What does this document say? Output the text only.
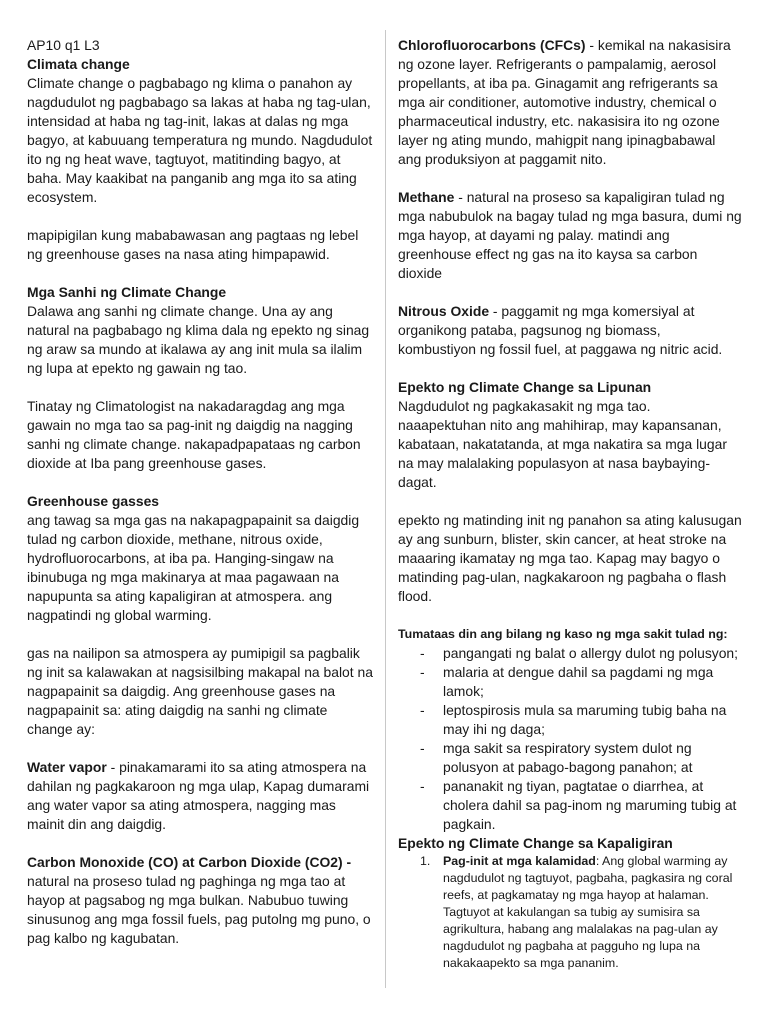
AP10 q1 L3

Climata change

Climate change o pagbabago ng klima o panahon ay nagdudulot ng pagbabago sa lakas at haba ng tag-ulan, intensidad at haba ng tag-init, lakas at dalas ng mga bagyo, at kabuuang temperatura ng mundo. Nagdudulot ito ng ng heat wave, tagtuyot, matitinding bagyo, at baha. May kaakibat na panganib ang mga ito sa ating ecosystem.

mapipigilan kung mababawasan ang pagtaas ng lebel ng greenhouse gases na nasa ating himpapawid.

Mga Sanhi ng Climate Change

Dalawa ang sanhi ng climate change. Una ay ang natural na pagbabago ng klima dala ng epekto ng sinag ng araw sa mundo at ikalawa ay ang init mula sa ilalim ng lupa at epekto ng gawain ng tao.

Tinatay ng Climatologist na nakadaragdag ang mga gawain no mga tao sa pag-init ng daigdig na nagging sanhi ng climate change. nakapadpapataas ng carbon dioxide at Iba pang greenhouse gases.

Greenhouse gasses

ang tawag sa mga gas na nakapagpapainit sa daigdig tulad ng carbon dioxide, methane, nitrous oxide, hydrofluorocarbons, at iba pa. Hanging-singaw na ibinubuga ng mga makinarya at maa pagawaan na napupunta sa ating kapaligiran at atmospera. ang nagpatindi ng global warming.

gas na nailipon sa atmospera ay pumipigil sa pagbalik ng init sa kalawakan at nagsisilbing makapal na balot na nagpapainit sa daigdig. Ang greenhouse gases na nagpapainit sa: ating daigdig na sanhi ng climate change ay:

Water vapor - pinakamarami ito sa ating atmospera na dahilan ng pagkakaroon ng mga ulap, Kapag dumarami ang water vapor sa ating atmospera, nagging mas mainit din ang daigdig.

Carbon Monoxide (CO) at Carbon Dioxide (CO2) - natural na proseso tulad ng paghinga ng mga tao at hayop at pagsabog ng mga bulkan. Nabubuo tuwing sinusunog ang mga fossil fuels, pag putolng mg puno, o pag kalbo ng kagubatan.

Chlorofluorocarbons (CFCs) - kemikal na nakasisira ng ozone layer. Refrigerants o pampalamig, aerosol propellants, at iba pa. Ginagamit ang refrigerants sa mga air conditioner, automotive industry, chemical o pharmaceutical industry, etc. nakasisira ito ng ozone layer ng ating mundo, mahigpit nang ipinagbabawal ang produksiyon at paggamit nito.

Methane - natural na proseso sa kapaligiran tulad ng mga nabubulok na bagay tulad ng mga basura, dumi ng mga hayop, at dayami ng palay. matindi ang greenhouse effect ng gas na ito kaysa sa carbon dioxide

Nitrous Oxide - paggamit ng mga komersiyal at organikong pataba, pagsunog ng biomass, kombustiyon ng fossil fuel, at paggawa ng nitric acid.

Epekto ng Climate Change sa Lipunan

Nagdudulot ng pagkakasakit ng mga tao. naaapektuhan nito ang mahihirap, may kapansanan, kabataan, nakatatanda, at mga nakatira sa mga lugar na may malalaking populasyon at nasa baybaying-dagat.

epekto ng matinding init ng panahon sa ating kalusugan ay ang sunburn, blister, skin cancer, at heat stroke na maaaring ikamatay ng mga tao. Kapag may bagyo o matinding pag-ulan, nagkakaroon ng pagbaha o flash flood.

Tumataas din ang bilang ng kaso ng mga sakit tulad ng:

- pangangati ng balat o allergy dulot ng polusyon;
- malaria at dengue dahil sa pagdami ng mga lamok;
- leptospirosis mula sa maruming tubig baha na may ihi ng daga;
- mga sakit sa respiratory system dulot ng polusyon at pabago-bagong panahon; at
- pananakit ng tiyan, pagtatae o diarrhea, at cholera dahil sa pag-inom ng maruming tubig at pagkain.

Epekto ng Climate Change sa Kapaligiran

1. Pag-init at mga kalamidad: Ang global warming ay nagdudulot ng tagtuyot, pagbaha, pagkasira ng coral reefs, at pagkamatay ng mga hayop at halaman. Tagtuyot at kakulangan sa tubig ay sumisira sa agrikultura, habang ang malalakas na pag-ulan ay nagdudulot ng pagbaha at pagguho ng lupa na nakakaapekto sa mga pananim.
